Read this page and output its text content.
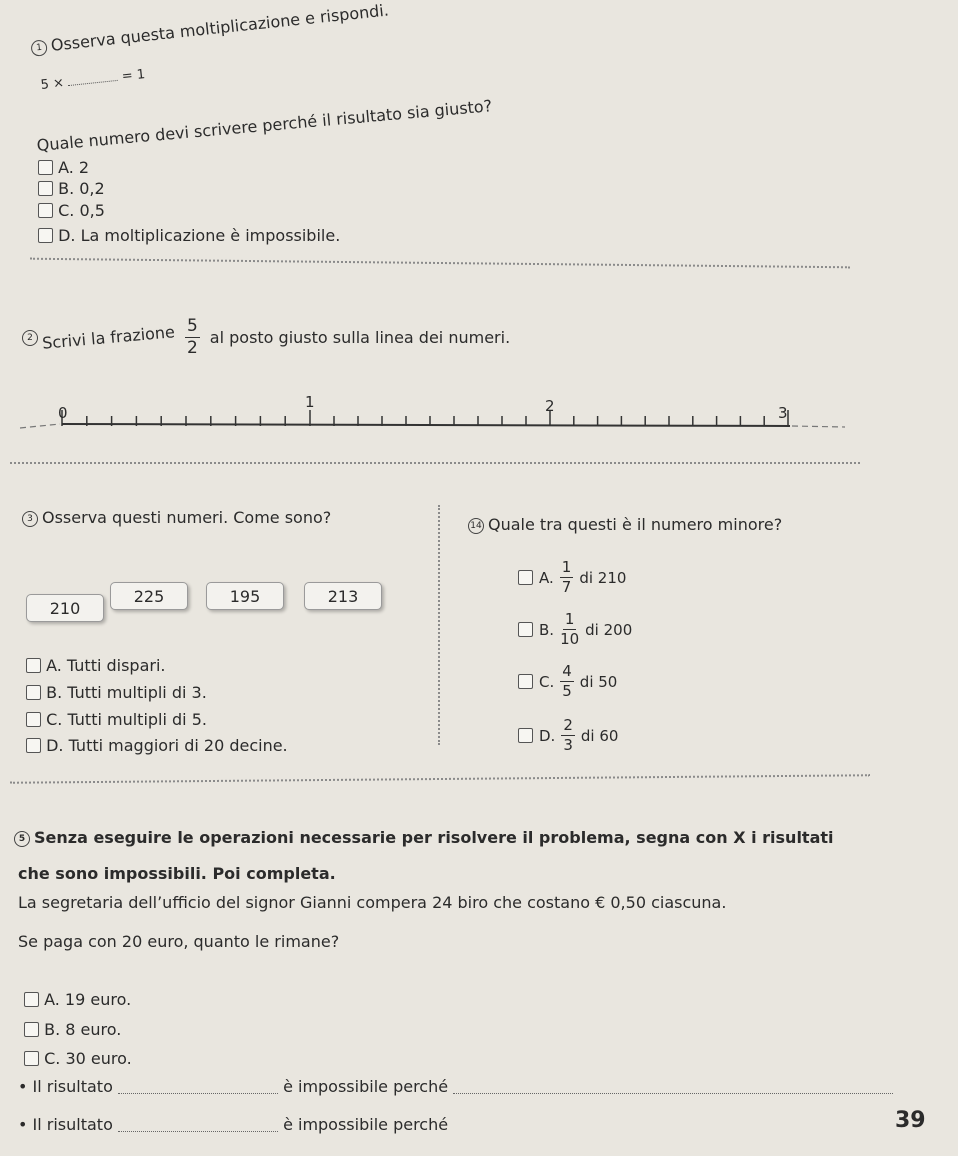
1 Osserva questa moltiplicazione e rispondi.
5 ×	= 1
Quale numero devi scrivere perché il risultato sia giusto?
A. 2
B. 0,2
C. 0,5
D. La moltiplicazione è impossibile.
2 Scrivi la frazione $\frac{5}{2}$ al posto giusto sulla linea dei numeri.
0
1	2	3
3 Osserva questi numeri. Come sono?
210
225	195	213
A. Tutti dispari.
B. Tutti multipli di 3.
C. Tutti multipli di 5.
D. Tutti maggiori di 20 decine.
14 Quale tra questi è il numero minore?
A. $\frac{1}{7}$ di 210
B. $\frac{1}{10}$ di 200
C. $\frac{4}{5}$ di 50
D. $\frac{2}{3}$ di 60
5 Senza eseguire le operazioni necessarie per risolvere il problema, segna con X i risultati
che sono impossibili. Poi completa.
La segretaria dell’ufficio del signor Gianni compera 24 biro che costano € 0,50 ciascuna.
Se paga con 20 euro, quanto le rimane?
A. 19 euro.
B. 8 euro.
C. 30 euro.
• Il risultato	è impossibile perché
• Il risultato	è impossibile perché	39
